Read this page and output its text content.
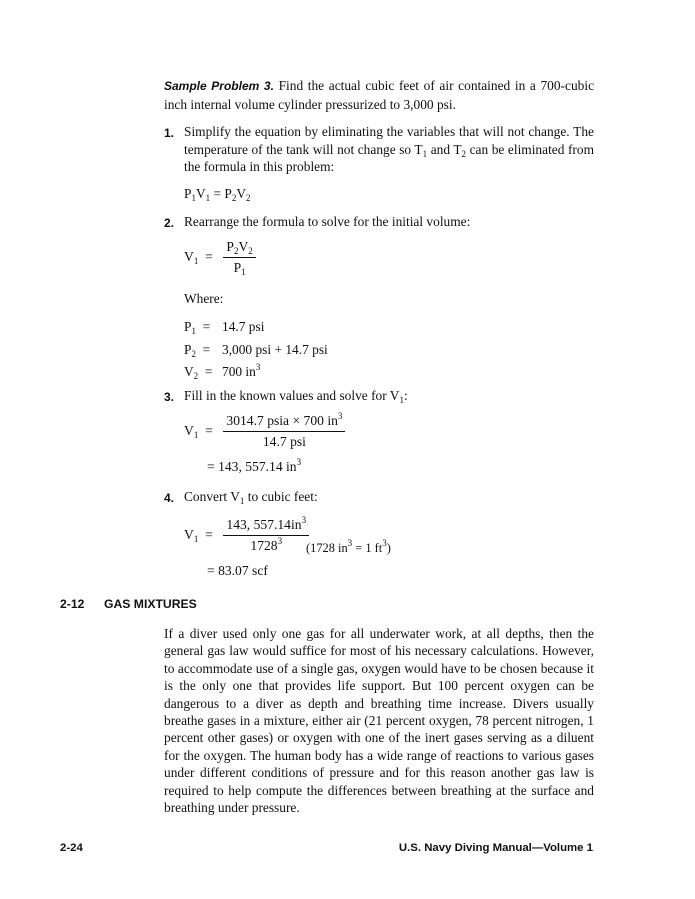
Sample Problem 3. Find the actual cubic feet of air contained in a 700-cubic inch internal volume cylinder pressurized to 3,000 psi.
1. Simplify the equation by eliminating the variables that will not change. The temperature of the tank will not change so $T_1$ and $T_2$ can be eliminated from the formula in this problem:
$P_1V_1 = P_2V_2$
2. Rearrange the formula to solve for the initial volume:
$V_1 = \frac{P_2V_2}{P_1}$
Where:
$P_1 = 14.7$ psi
$P_2 = 3,000$ psi + 14.7 psi
$V_2 = 700$ $in^3$
3. Fill in the known values and solve for $V_1$:
$V_1 = \frac{3014.7 psia \times 700 in^3}{\text{14.7 psi}}$
= 143, 557.14 $in^3$
4. Convert $V_1$ to cubic feet:
$V_1 = \frac{143, 557.14in^3}{1728^3}$
(1728 $in^3 = 1$ $ft^3$)
= 83.07 scf
2-12 GAS MIXTURES
If a diver used only one gas for all underwater work, at all depths, then the general gas law would suffice for most of his necessary calculations. However, to accommodate use of a single gas, oxygen would have to be chosen because it is the only one that provides life support. But 100 percent oxygen can be dangerous to a diver as depth and breathing time increase. Divers usually breathe gases in a mixture, either air (21 percent oxygen, 78 percent nitrogen, 1 percent other gases) or oxygen with one of the inert gases serving as a diluent for the oxygen. The human body has a wide range of reactions to various gases under different conditions of pressure and for this reason another gas law is required to help compute the differences between breathing at the surface and breathing under pressure.
2-24	U.S. Navy Diving Manual—Volume 1
